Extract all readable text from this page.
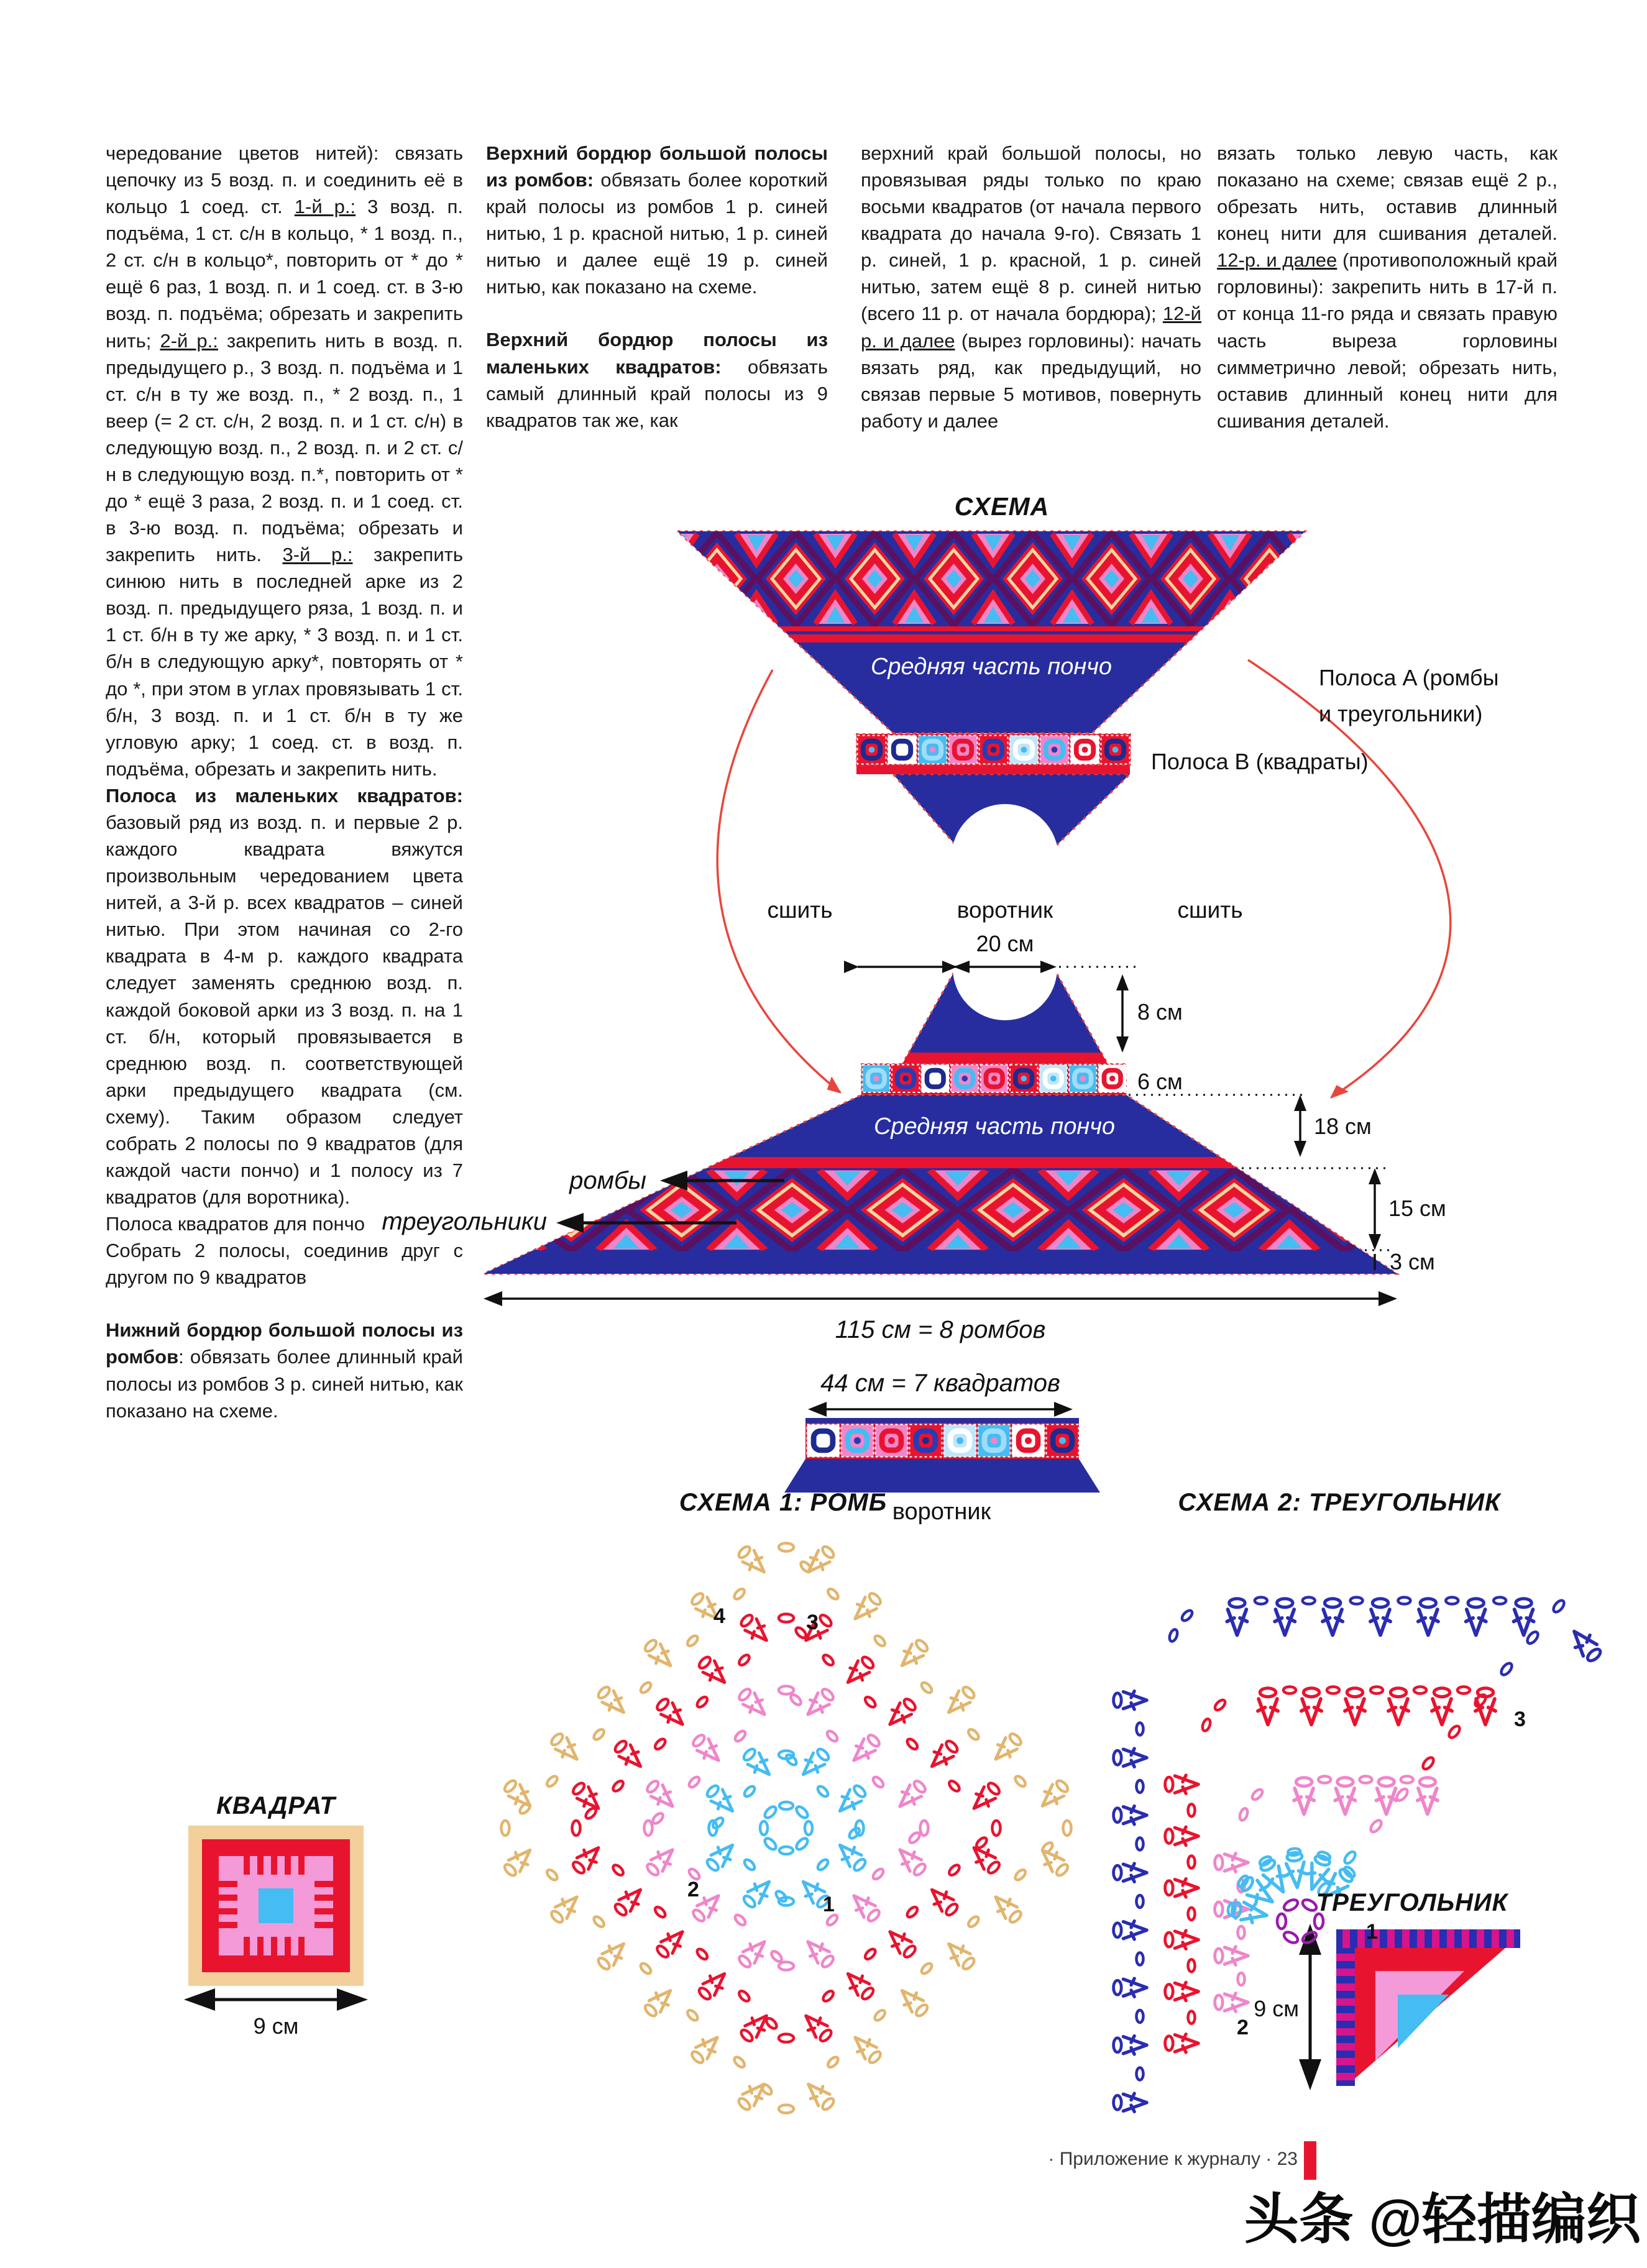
чередование цветов нитей): связать цепочку из 5 возд. п. и соединить её в кольцо 1 соед. ст. 1-й р.: 3 возд. п. подъёма, 1 ст. с/н в кольцо, * 1 возд. п., 2 ст. с/н в кольцо*, повторить от * до * ещё 6 раз, 1 возд. п. и 1 соед. ст. в 3-ю возд. п. подъёма; обрезать и закрепить нить; 2-й р.: закрепить нить в возд. п. предыдущего р., 3 возд. п. подъёма и 1 ст. с/н в ту же возд. п., * 2 возд. п., 1 веер (= 2 ст. с/н, 2 возд. п. и 1 ст. с/н) в следующую возд. п., 2 возд. п. и 2 ст. с/н в следующую возд. п.*, повторить от * до * ещё 3 раза, 2 возд. п. и 1 соед. ст. в 3-ю возд. п. подъёма; обрезать и закрепить нить. 3-й р.: закрепить синюю нить в последней арке из 2 возд. п. предыдущего ряза, 1 возд. п. и 1 ст. б/н в ту же арку, * 3 возд. п. и 1 ст. б/н в следующую арку*, повторять от * до *, при этом в углах провязывать 1 ст. б/н, 3 возд. п. и 1 ст. б/н в ту же угловую арку; 1 соед. ст. в возд. п. подъёма, обрезать и закрепить нить.
Полоса из маленьких квадратов: базовый ряд из возд. п. и первые 2 р. каждого квадрата вяжутся произвольным чередованием цвета нитей, а 3-й р. всех квадратов – синей нитью. При этом начиная со 2-го квадрата в 4-м р. каждого квадрата следует заменять среднюю возд. п. каждой боковой арки из 3 возд. п. на 1 ст. б/н, который провязывается в среднюю возд. п. соответствующей арки предыдущего квадрата (см. схему). Таким образом следует собрать 2 полосы по 9 квадратов (для каждой части пончо) и 1 полосу из 7 квадратов (для воротника).
Полоса квадратов для пончо
Собрать 2 полосы, соединив друг с другом по 9 квадратов

Нижний бордюр большой полосы из ромбов: обвязать более длинный край полосы из ромбов 3 р. синей нитью, как показано на схеме.

Верхний бордюр большой полосы из ромбов: обвязать более короткий край полосы из ромбов 1 р. синей нитью, 1 р. красной нитью, 1 р. синей нитью и далее ещё 19 р. синей нитью, как показано на схеме.

Верхний бордюр полосы из маленьких квадратов: обвязать самый длинный край полосы из 9 квадратов так же, как

верхний край большой полосы, но провязывая ряды только по краю восьми квадратов (от начала первого квадрата до начала 9-го). Связать 1 р. синей, 1 р. красной, 1 р. синей нитью, затем ещё 8 р. синей нитью (всего 11 р. от начала бордюра); 12-й р. и далее (вырез горловины): начать вязать ряд, как предыдущий, но связав первые 5 мотивов, повернуть работу и далее

вязать только левую часть, как показано на схеме; связав ещё 2 р., обрезать нить, оставив длинный конец нити для сшивания деталей. 12-р. и далее (противоположный край горловины): закрепить нить в 17-й п. от конца 11-го ряда и связать правую часть выреза горловины симметрично левой; обрезать нить, оставив длинный конец нити для сшивания деталей.

СХЕМА
Полоса A (ромбы
и треугольники)
Полоса B (квадраты)
Средняя часть пончо
Средняя часть пончо
сшить	воротник	сшить
20 см
8 см
6 см
18 см
15 см
3 см
ромбы
треугольники
115 см = 8 ромбов
44 см = 7 квадратов
воротник
СХЕМА 1: РОМБ	СХЕМА 2: ТРЕУГОЛЬНИК
4	3
2
1
3
1
2
КВАДРАТ
9 см
ТРЕУГОЛЬНИК
9 см
· Приложение к журналу · 23
头条 @轻描编织
